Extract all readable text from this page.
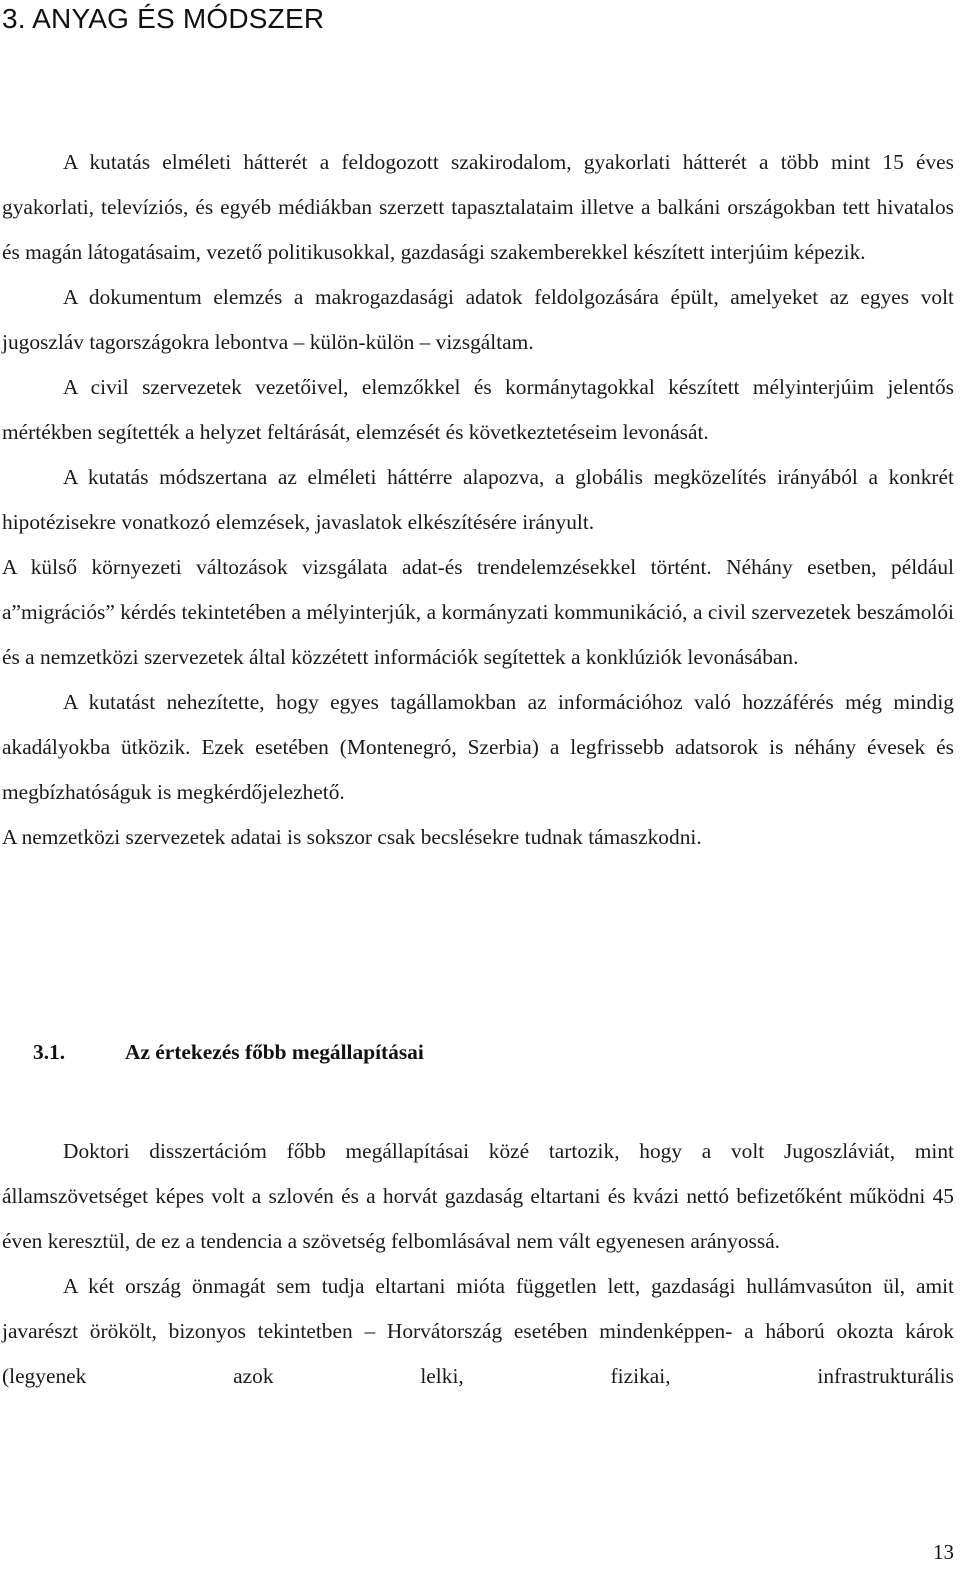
3. ANYAG ÉS MÓDSZER

A kutatás elméleti hátterét a feldogozott szakirodalom, gyakorlati hátterét a több mint 15 éves gyakorlati, televíziós, és egyéb médiákban szerzett tapasztalataim illetve a balkáni országokban tett hivatalos és magán látogatásaim, vezető politikusokkal, gazdasági szakemberekkel készített interjúim képezik.

A dokumentum elemzés a makrogazdasági adatok feldolgozására épült, amelyeket az egyes volt jugoszláv tagországokra lebontva – külön-külön – vizsgáltam.

A civil szervezetek vezetőivel, elemzőkkel és kormánytagokkal készített mélyinterjúim jelentős mértékben segítették a helyzet feltárását, elemzését és következtetéseim levonását.

A kutatás módszertana az elméleti háttérre alapozva, a globális megközelítés irányából a konkrét hipotézisekre vonatkozó elemzések, javaslatok elkészítésére irányult.

A külső környezeti változások vizsgálata adat-és trendelemzésekkel történt. Néhány esetben, például a”migrációs” kérdés tekintetében a mélyinterjúk, a kormányzati kommunikáció, a civil szervezetek beszámolói és a nemzetközi szervezetek által közzétett információk segítettek a konklúziók levonásában.

A kutatást nehezítette, hogy egyes tagállamokban az információhoz való hozzáférés még mindig akadályokba ütközik. Ezek esetében (Montenegró, Szerbia) a legfrissebb adatsorok is néhány évesek és megbízhatóságuk is megkérdőjelezhető.

A nemzetközi szervezetek adatai is sokszor csak becslésekre tudnak támaszkodni.

3.1.	Az értekezés főbb megállapításai

Doktori disszertációm főbb megállapításai közé tartozik, hogy a volt Jugoszláviát, mint államszövetséget képes volt a szlovén és a horvát gazdaság eltartani és kvázi nettó befizetőként működni 45 éven keresztül, de ez a tendencia a szövetség felbomlásával nem vált egyenesen arányossá.

A két ország önmagát sem tudja eltartani mióta független lett, gazdasági hullámvasúton ül, amit javarészt örökölt, bizonyos tekintetben – Horvátország esetében mindenképpen- a háború okozta károk (legyenek azok lelki, fizikai, infrastrukturális

13
